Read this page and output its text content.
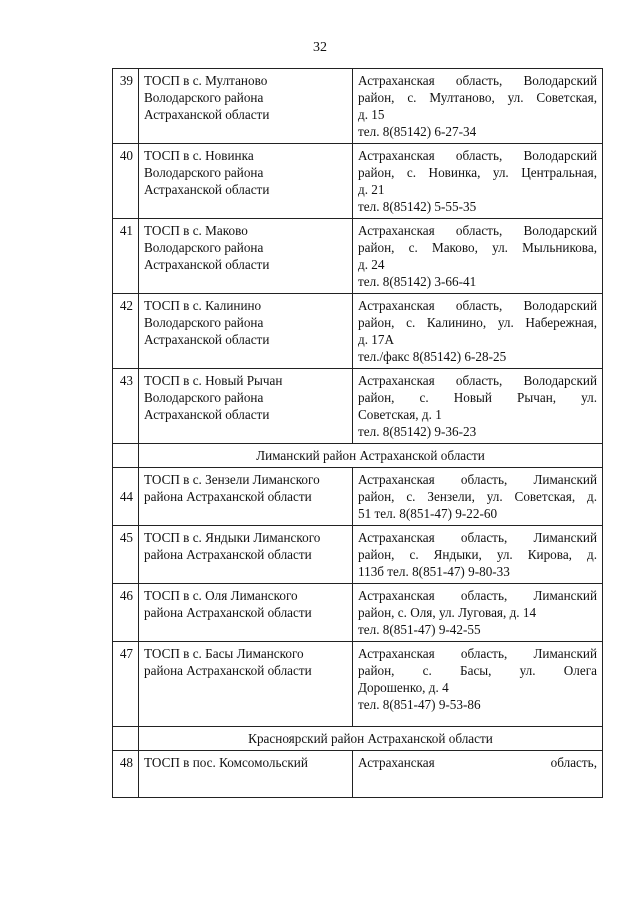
32
39	ТОСП в с. Мултаново
Володарского района
Астраханской области	Астраханская область, Володарский
район, с. Мултаново, ул. Советская,
д. 15
тел. 8(85142) 6-27-34

40	ТОСП в с. Новинка
Володарского района
Астраханской области	Астраханская область, Володарский
район, с. Новинка, ул. Центральная,
д. 21
тел. 8(85142) 5-55-35

41	ТОСП в с. Маково
Володарского района
Астраханской области	Астраханская область, Володарский
район, с. Маково, ул. Мыльникова,
д. 24
тел. 8(85142) 3-66-41

42	ТОСП в с. Калинино
Володарского района
Астраханской области	Астраханская область, Володарский
район, с. Калинино, ул. Набережная,
д. 17А
тел./факс 8(85142) 6-28-25

43	ТОСП в с. Новый Рычан
Володарского района
Астраханской области	Астраханская область, Володарский
район, с. Новый Рычан, ул.
Советская, д. 1
тел. 8(85142) 9-36-23

	Лиманский район Астраханской области	
44	ТОСП в с. Зензели Лиманского
района Астраханской области	Астраханская область, Лиманский
район, с. Зензели, ул. Советская, д.
51 тел. 8(851-47) 9-22-60

45	ТОСП в с. Яндыки Лиманского
района Астраханской области	Астраханская область, Лиманский
район, с. Яндыки, ул. Кирова, д.
113б тел. 8(851-47) 9-80-33

46	ТОСП в с. Оля Лиманского
района Астраханской области	Астраханская область, Лиманский
район, с. Оля, ул. Луговая, д. 14
тел. 8(851-47) 9-42-55

47	ТОСП в с. Басы Лиманского
района Астраханской области	Астраханская область, Лиманский
район, с. Басы, ул. Олега
Дорошенко, д. 4
тел. 8(851-47) 9-53-86

	Красноярский район Астраханской области	
48	ТОСП в пос. Комсомольский	Астраханская область,
